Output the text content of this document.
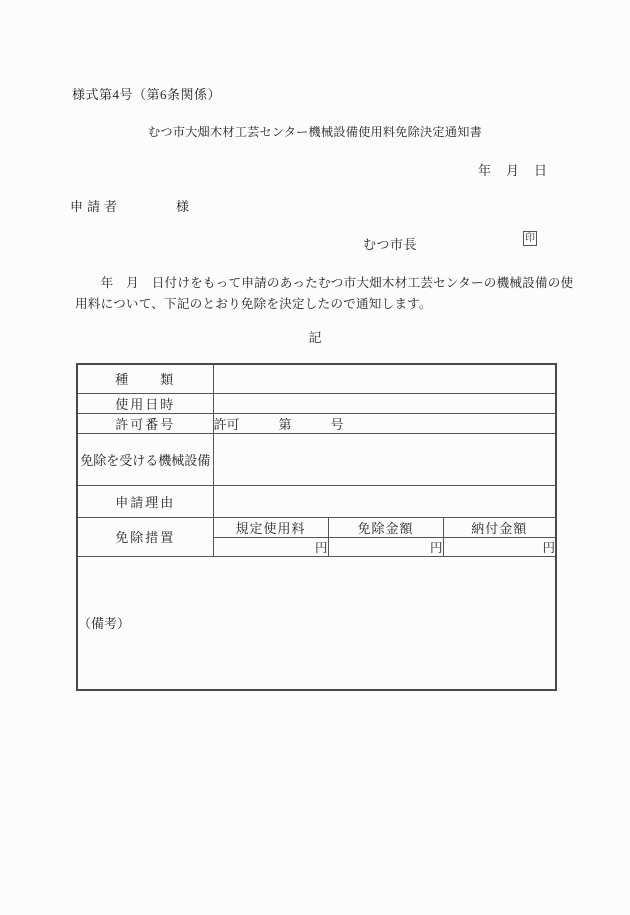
様式第4号（第6条関係）
むつ市大畑木材工芸センター機械設備使用料免除決定通知書
年　月　日
申請者	様
むつ市長	印
　　年　月　日付けをもって申請のあったむつ市大畑木材工芸センターの機械設備の使
用料について、下記のとおり免除を決定したので通知します。
記
種　　類			
使用日時			
許可番号	許可　　　第　　　号		
免除を受ける機械設備			
申請理由			
免除措置	規定使用料	免除金額	納付金額
	円	円	円
（備考）			
